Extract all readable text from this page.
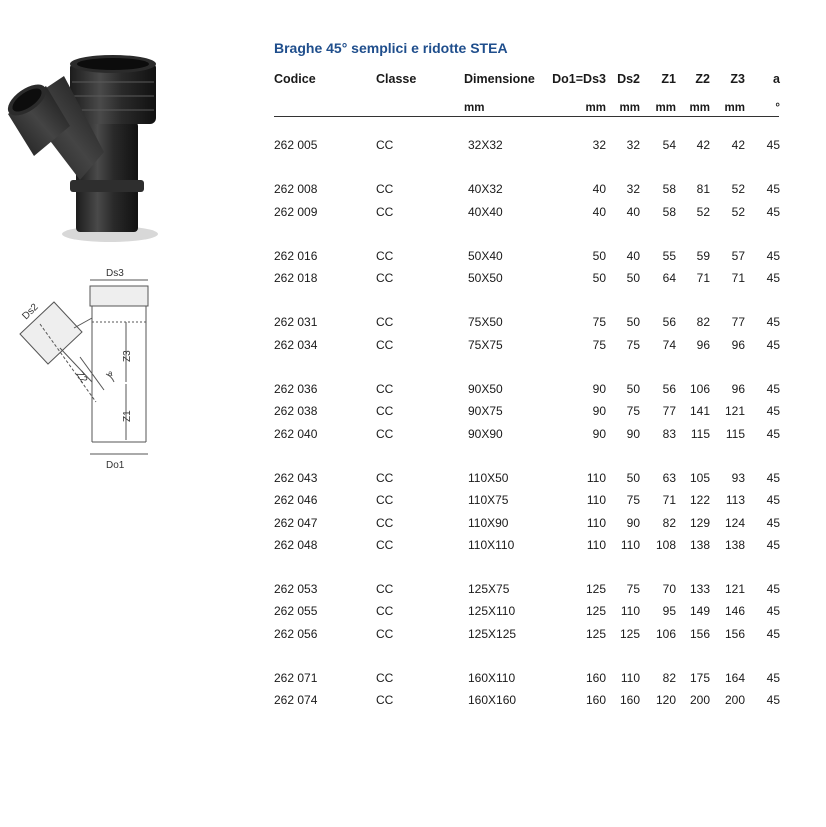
Ds3
Do1
Ds2
Z3
Z1
Z2 a
Braghe 45° semplici e ridotte STEA
Codice	Classe	Dimensione Do1=Ds3 Ds2 Z1 Z2 Z3 a
mm	mm mm mm mm mm	°
262 005	CC	32X32	32 32 54 42 42 45
262 008	CC	40X32	40 32 58 81 52 45
262 009	CC	40X40	40 40 58 52 52 45
262 016	CC	50X40	50 40 55 59 57 45
262 018	CC	50X50	50 50 64 71 71 45
262 031	CC	75X50	75 50 56 82 77 45
262 034	CC	75X75	75 75 74 96 96 45
262 036	CC	90X50	90 50 56 106 96 45
262 038	CC	90X75	90 75 77 141 121 45
262 040	CC	90X90	90 90 83 115 115 45
262 043	CC	110X50	110 50 63 105 93 45
262 046	CC	110X75	110 75 71 122 113 45
262 047	CC	110X90	110 90 82 129 124 45
262 048	CC	110X110	110 110 108 138 138 45
262 053	CC	125X75	125 75 70 133 121 45
262 055	CC	125X110	125 110 95 149 146 45
262 056	CC	125X125	125 125 106 156 156 45
262 071	CC	160X110	160 110 82 175 164 45
262 074	CC	160X160	160 160 120 200 200 45
